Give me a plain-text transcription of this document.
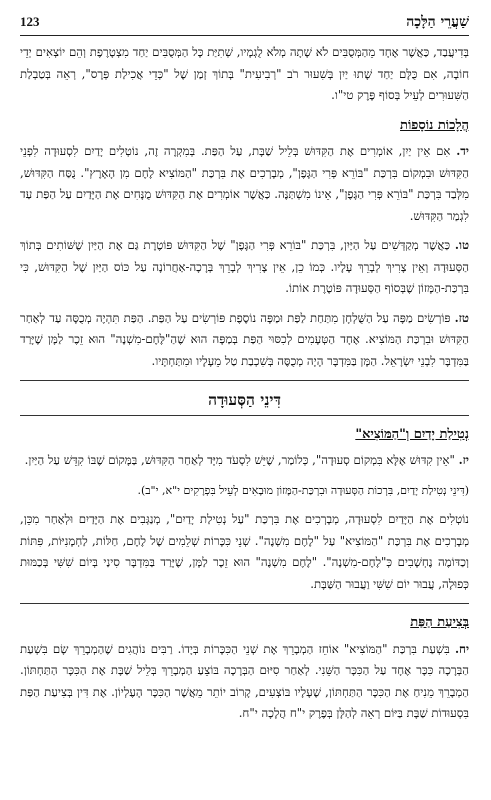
123	שַׁעֲרֵי הַלָּכָה

בְּדִיעֲבַד, כַּאֲשֶׁר אֶחָד מֵהַמְּסֻבִּים לֹא שָׁתָה מְלֹא לֻגְמָיו, שְׁתִיַּת כָּל הַמְּסֻבִּים יַחַד מִצְטָרֶפֶת וְהֵם יוֹצְאִים יְדֵי חוֹבָה, אִם כֻּלָּם יַחַד שָׁתוּ יַיִן בְּשִׁעוּר רֹב "רְבִיעִית" בְּתוֹךְ זְמַן שֶׁל "כְּדֵי אֲכִילַת פְּרָס", רְאֵה בְּטַבְלַת הַשִּׁעוּרִים לְעֵיל בְּסוֹף פֶּרֶק טי"ו.

הֲלָכוֹת נוֹסָפוֹת

יד. אִם אֵין יַיִן, אוֹמְרִים אֶת הַקִּדּוּשׁ בְּלֵיל שַׁבָּת, עַל הַפַּת. בְּמִקְרֶה זֶה, נוֹטְלִים יָדַיִם לִסְעוּדָה לִפְנֵי הַקִּדּוּשׁ וּבִמְקוֹם בִּרְכַּת "בּוֹרֵא פְּרִי הַגָּפֶן", מְבָרְכִים אֶת בִּרְכַּת "הַמּוֹצִיא לֶחֶם מִן הָאָרֶץ". נֻסַּח הַקִּדּוּשׁ, מִלְּבַד בִּרְכַּת "בּוֹרֵא פְּרִי הַגָּפֶן", אֵינוֹ מִשְׁתַּנֶּה. כַּאֲשֶׁר אוֹמְרִים אֶת הַקִּדּוּשׁ מֻנָּחִים אֶת הַיָּדַיִם עַל הַפַּת עַד לִגְמַר הַקִּדּוּשׁ.

טו. כַּאֲשֶׁר מְקַדְּשִׁים עַל הַיַּיִן, בִּרְכַּת "בּוֹרֵא פְּרִי הַגָּפֶן" שֶׁל הַקִּדּוּשׁ פּוֹטֶרֶת גַּם אֶת הַיַּיִן שֶׁשּׁוֹתִים בְּתוֹךְ הַסְּעוּדָה וְאֵין צָרִיךְ לְבָרֵךְ עָלָיו. כְּמוֹ כֵן, אֵין צָרִיךְ לְבָרֵךְ בְּרָכָה-אַחֲרוֹנָה עַל כּוֹס הַיַּיִן שֶׁל הַקִּדּוּשׁ, כִּי בִּרְכַּת-הַמָּזוֹן שֶׁבְּסוֹף הַסְּעוּדָה פּוֹטֶרֶת אוֹתוֹ.

טז. פּוֹרְשִׂים מַפָּה עַל הַשֻּׁלְחָן מִתַּחַת לַפַּת וּמַפָּה נוֹסֶפֶת פּוֹרְשִׂים עַל הַפַּת. הַפַּת תִּהְיֶה מְכֻסָּה עַד לְאַחַר הַקִּדּוּשׁ וּבִרְכַּת הַמּוֹצִיא. אֶחָד הַטְּעָמִים לְכִסּוּי הַפַּת בְּמַפָּה הוּא שֶׁהַ"לֶּחֶם-מִשְׁנֶה" הוּא זֵכֶר לַמָּן שֶׁיָּרַד בַּמִּדְבָּר לִבְנֵי יִשְׂרָאֵל. הַמָּן בַּמִּדְבָּר הָיָה מְכֻסֶּה בְּשִׁכְבַת טַל מֵעָלָיו וּמִתַּחְתָּיו.

דִּינֵי הַסְּעוּדָה
נְטִילַת יָדַיִם וְ"הַמּוֹצִיא"

יז. "אֵין קִדּוּשׁ אֶלָּא בִּמְקוֹם סְעוּדָה", כְּלוֹמַר, שֶׁיֵּשׁ לִסְעֹד מִיָּד לְאַחַר הַקִּדּוּשׁ, בַּמָּקוֹם שֶׁבּוֹ קִדֵּשׁ עַל הַיַּיִן.

(דִּינֵי נְטִילַת יָדַיִם, בִּרְכוֹת הַסְּעוּדָה וּבִרְכַּת-הַמָּזוֹן מוּבָאִים לְעֵיל בִּפְרָקִים י"א, י"ב).

נוֹטְלִים אֶת הַיָּדַיִם לִסְעוּדָה, מְבָרְכִים אֶת בִּרְכַּת "עַל נְטִילַת יָדַיִם", מְנַגְּבִים אֶת הַיָּדַיִם וּלְאַחַר מִכֵּן, מְבָרְכִים אֶת בִּרְכַּת "הַמּוֹצִיא" עַל "לֶחֶם מִשְׁנֶה". שְׁנֵי כִּכָּרוֹת שְׁלֵמִים שֶׁל לֶחֶם, חַלּוֹת, לַחְמָנִיּוֹת, פִּתּוֹת וְכַדּוֹמֶה נֶחְשָׁבִים כְּ"לֶחֶם-מִשְׁנֶה". "לֶחֶם מִשְׁנֶה" הוּא זֵכֶר לַמָּן, שֶׁיָּרַד בַּמִּדְבָּר סִינַי בְּיוֹם שִׁשִּׁי בְּכַמּוּת כְּפוּלָה, עֲבוּר יוֹם שִׁשִּׁי וַעֲבוּר הַשַּׁבָּת.

בְּצִיעַת הַפַּת

יח. בִּשְׁעַת בִּרְכַּת "הַמּוֹצִיא" אוֹחֵז הַמְבָרֵךְ אֶת שְׁנֵי הַכִּכָּרוֹת בְּיָדוֹ. רַבִּים נוֹהֲגִים שֶׁהַמְבָרֵךְ שָׂם בִּשְׁעַת הַבְּרָכָה כִּכָּר אֶחָד עַל הַכִּכָּר הַשֵּׁנִי. לְאַחַר סִיּוּם הַבְּרָכָה בּוֹצֵעַ הַמְבָרֵךְ בְּלֵיל שַׁבָּת אֶת הַכִּכָּר הַתַּחְתּוֹן. הַמְבָרֵךְ מֵנִיחַ אֶת הַכִּכָּר הַתַּחְתּוֹן, שֶׁעָלָיו בּוֹצְעִים, קָרוֹב יוֹתֵר מֵאֲשֶׁר הַכִּכָּר הָעֶלְיוֹן. אֶת דִּין בְּצִיעַת הַפַּת בִּסְעוּדוֹת שַׁבָּת בַּיּוֹם רְאֵה לְהַלָּן בְּפֶרֶק י"ח הֲלָכָה י"ח.
